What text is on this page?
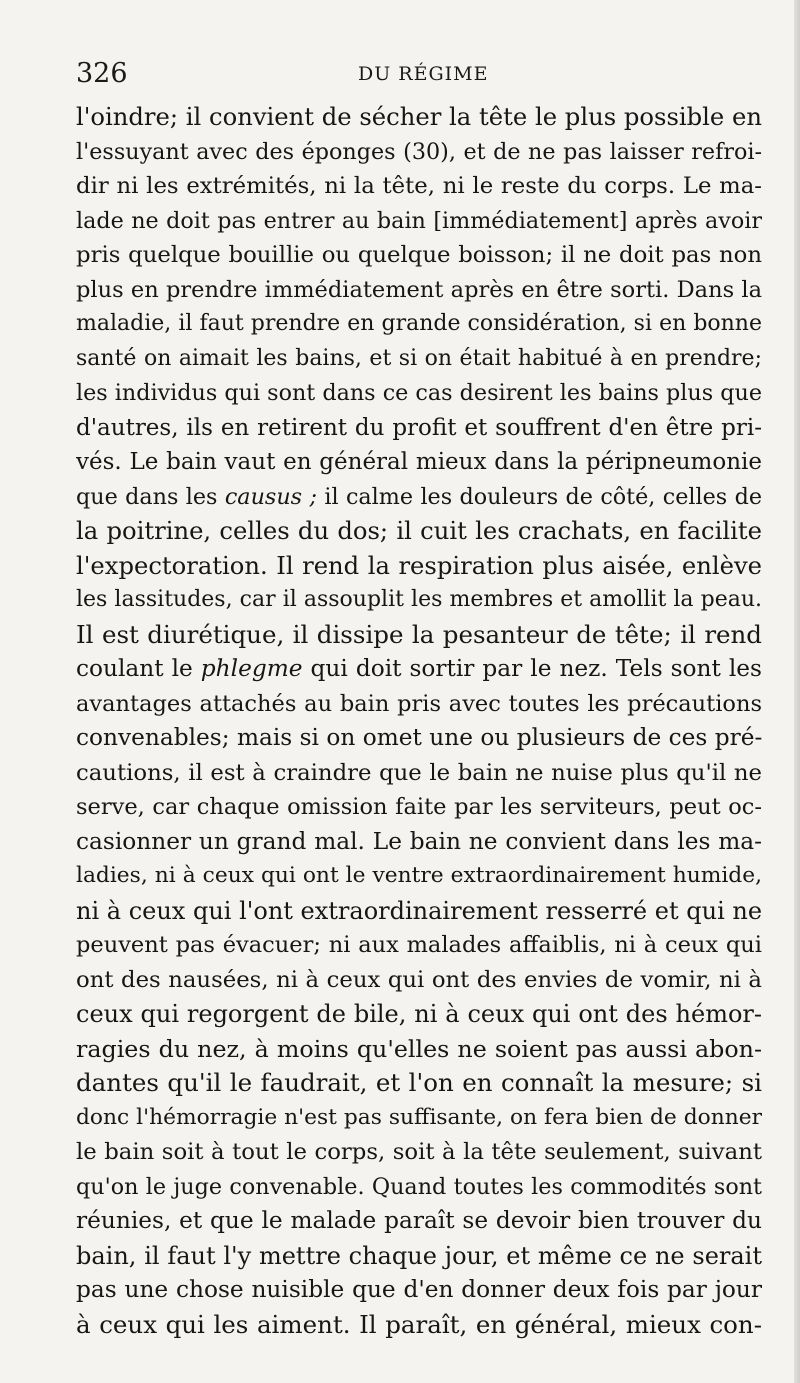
326	DU RÉGIME
l'oindre; il convient de sécher la tête le plus possible en
l'essuyant avec des éponges (30), et de ne pas laisser refroi-
dir ni les extrémités, ni la tête, ni le reste du corps. Le ma-
lade ne doit pas entrer au bain [immédiatement] après avoir
pris quelque bouillie ou quelque boisson; il ne doit pas non
plus en prendre immédiatement après en être sorti. Dans la
maladie, il faut prendre en grande considération, si en bonne
santé on aimait les bains, et si on était habitué à en prendre;
les individus qui sont dans ce cas desirent les bains plus que
d'autres, ils en retirent du profit et souffrent d'en être pri-
vés. Le bain vaut en général mieux dans la péripneumonie
que dans les causus ; il calme les douleurs de côté, celles de
la poitrine, celles du dos; il cuit les crachats, en facilite
l'expectoration. Il rend la respiration plus aisée, enlève
les lassitudes, car il assouplit les membres et amollit la peau.
Il est diurétique, il dissipe la pesanteur de tête; il rend
coulant le phlegme qui doit sortir par le nez. Tels sont les
avantages attachés au bain pris avec toutes les précautions
convenables; mais si on omet une ou plusieurs de ces pré-
cautions, il est à craindre que le bain ne nuise plus qu'il ne
serve, car chaque omission faite par les serviteurs, peut oc-
casionner un grand mal. Le bain ne convient dans les ma-
ladies, ni à ceux qui ont le ventre extraordinairement humide,
ni à ceux qui l'ont extraordinairement resserré et qui ne
peuvent pas évacuer; ni aux malades affaiblis, ni à ceux qui
ont des nausées, ni à ceux qui ont des envies de vomir, ni à
ceux qui regorgent de bile, ni à ceux qui ont des hémor-
ragies du nez, à moins qu'elles ne soient pas aussi abon-
dantes qu'il le faudrait, et l'on en connaît la mesure; si
donc l'hémorragie n'est pas suffisante, on fera bien de donner
le bain soit à tout le corps, soit à la tête seulement, suivant
qu'on le juge convenable. Quand toutes les commodités sont
réunies, et que le malade paraît se devoir bien trouver du
bain, il faut l'y mettre chaque jour, et même ce ne serait
pas une chose nuisible que d'en donner deux fois par jour
à ceux qui les aiment. Il paraît, en général, mieux con-
